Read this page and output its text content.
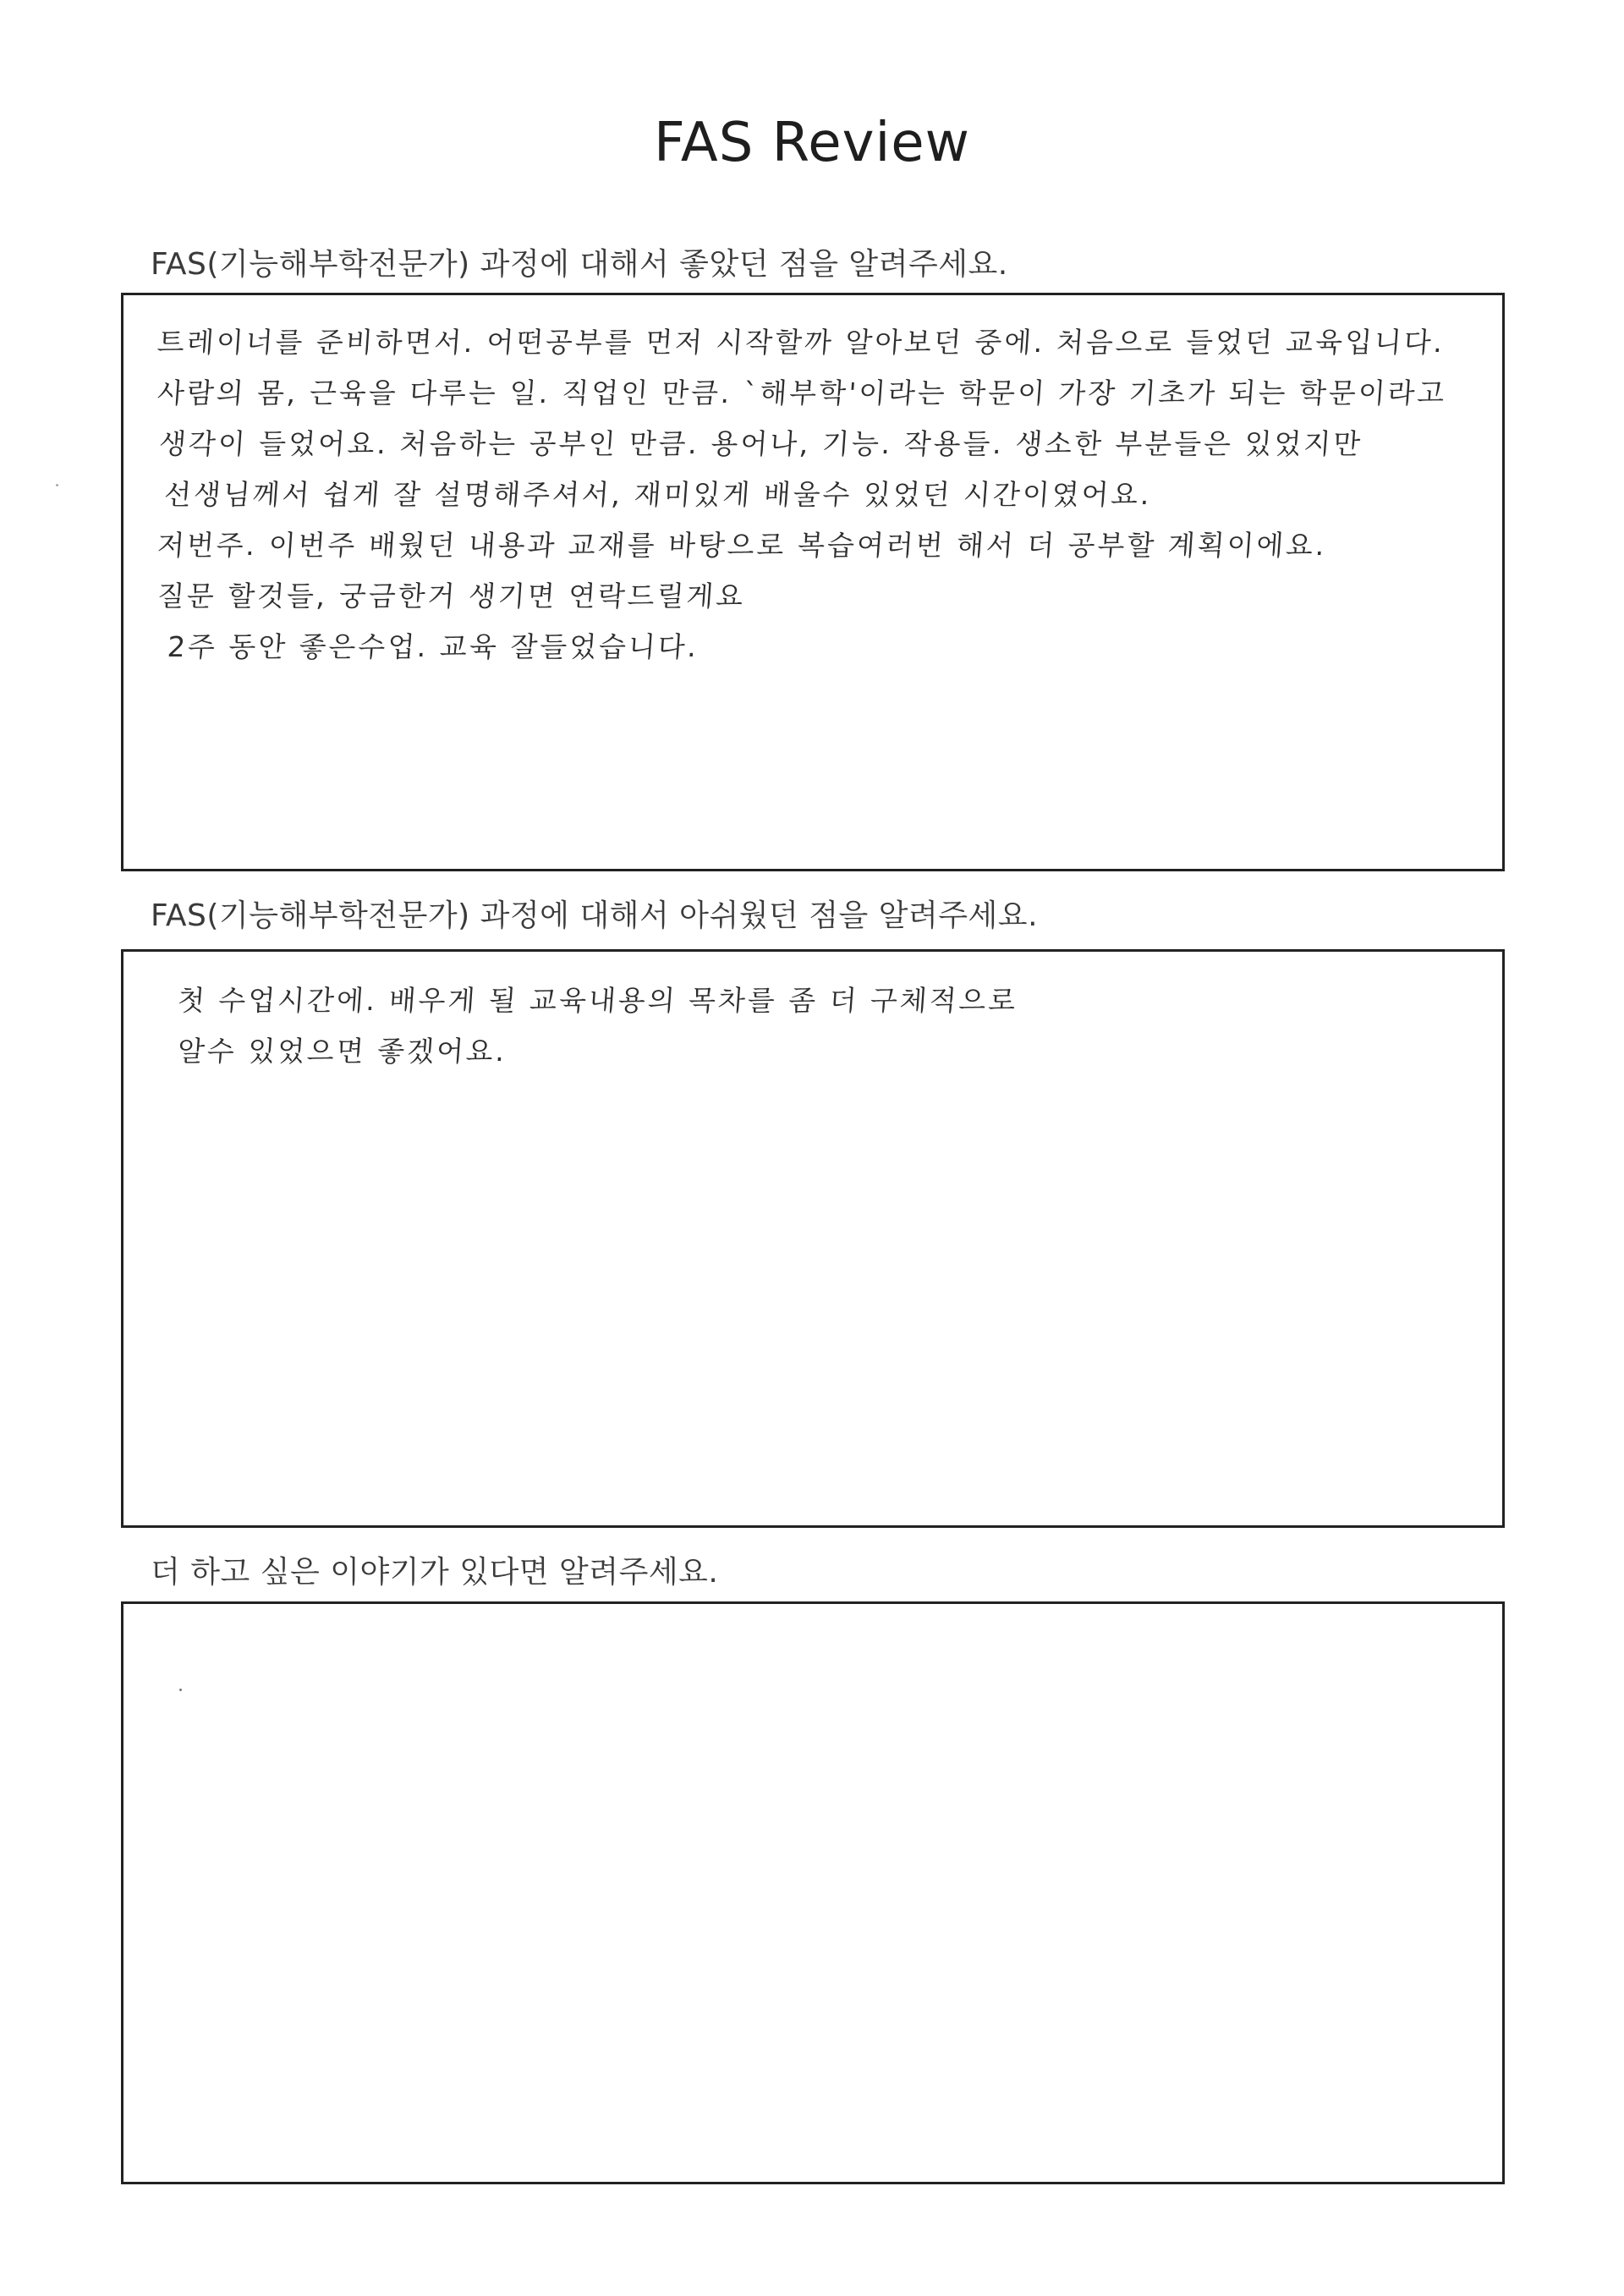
FAS Review
FAS(기능해부학전문가) 과정에 대해서 좋았던 점을 알려주세요.
트레이너를 준비하면서. 어떤공부를 먼저 시작할까 알아보던 중에. 처음으로 들었던 교육입니다.
사람의 몸, 근육을 다루는 일. 직업인 만큼. `해부학'이라는 학문이 가장 기초가 되는 학문이라고
생각이 들었어요. 처음하는 공부인 만큼. 용어나, 기능. 작용들. 생소한 부분들은 있었지만
선생님께서 쉽게 잘 설명해주셔서, 재미있게 배울수 있었던 시간이였어요.
저번주. 이번주 배웠던 내용과 교재를 바탕으로 복습여러번 해서 더 공부할 계획이에요.
질문 할것들, 궁금한거 생기면 연락드릴게요
2주 동안 좋은수업. 교육 잘들었습니다.
FAS(기능해부학전문가) 과정에 대해서 아쉬웠던 점을 알려주세요.
첫 수업시간에. 배우게 될 교육내용의 목차를 좀 더 구체적으로
알수 있었으면 좋겠어요.
더 하고 싶은 이야기가 있다면 알려주세요.
